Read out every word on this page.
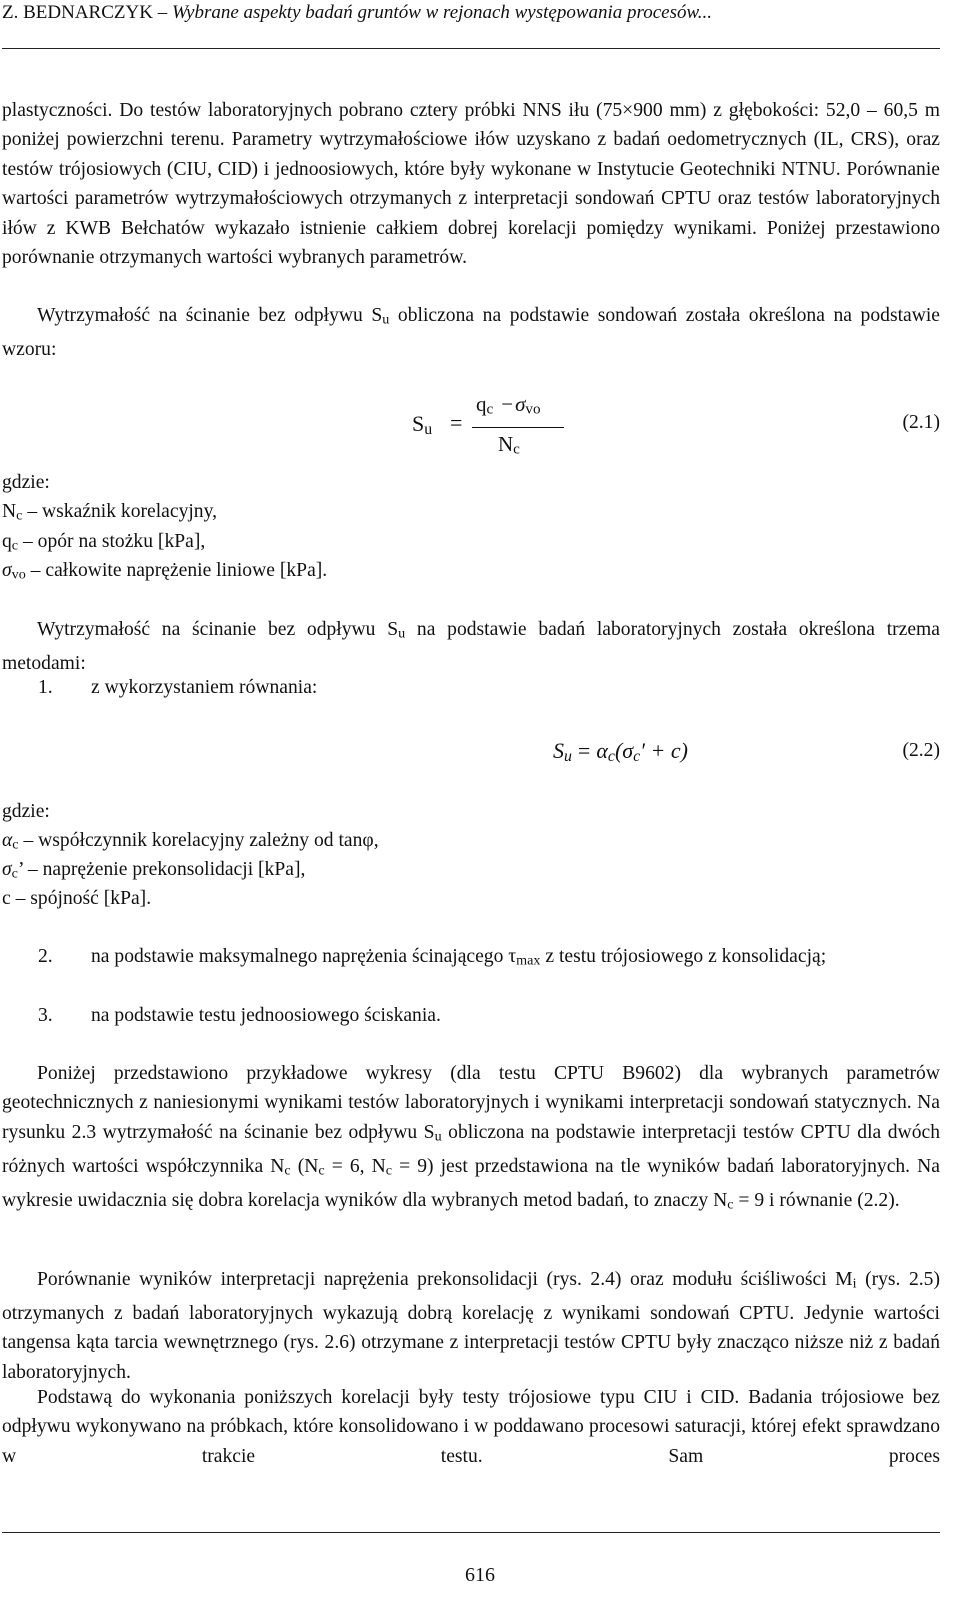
Z. BEDNARCZYK – Wybrane aspekty badań gruntów w rejonach występowania procesów...

plastyczności. Do testów laboratoryjnych pobrano cztery próbki NNS iłu (75×900 mm) z głębokości: 52,0 – 60,5 m poniżej powierzchni terenu. Parametry wytrzymałościowe iłów uzyskano z badań oedometrycznych (IL, CRS), oraz testów trójosiowych (CIU, CID) i jednoosiowych, które były wykonane w Instytucie Geotechniki NTNU. Porównanie wartości parametrów wytrzymałościowych otrzymanych z interpretacji sondowań CPTU oraz testów laboratoryjnych iłów z KWB Bełchatów wykazało istnienie całkiem dobrej korelacji pomiędzy wynikami. Poniżej przestawiono porównanie otrzymanych wartości wybranych parametrów.

Wytrzymałość na ścinanie bez odpływu Su obliczona na podstawie sondowań została określona na podstawie wzoru:

Su =
qc −σvo
Nc
(2.1)

gdzie:

Nc – wskaźnik korelacyjny,

qc – opór na stożku [kPa],

σvo – całkowite naprężenie liniowe [kPa].

Wytrzymałość na ścinanie bez odpływu Su na podstawie badań laboratoryjnych została określona trzema metodami:

1. z wykorzystaniem równania:
Su = αc(σc′ + c)	(2.2)

gdzie:

αc – współczynnik korelacyjny zależny od tanφ,

σc’ – naprężenie prekonsolidacji [kPa],

c – spójność [kPa].

2. na podstawie maksymalnego naprężenia ścinającego τmax z testu trójosiowego z konsolidacją;
3. na podstawie testu jednoosiowego ściskania.

Poniżej przedstawiono przykładowe wykresy (dla testu CPTU B9602) dla wybranych parametrów geotechnicznych z naniesionymi wynikami testów laboratoryjnych i wynikami interpretacji sondowań statycznych. Na rysunku 2.3 wytrzymałość na ścinanie bez odpływu Su obliczona na podstawie interpretacji testów CPTU dla dwóch różnych wartości współczynnika Nc (Nc = 6, Nc = 9) jest przedstawiona na tle wyników badań laboratoryjnych. Na wykresie uwidacznia się dobra korelacja wyników dla wybranych metod badań, to znaczy Nc = 9 i równanie (2.2).

Porównanie wyników interpretacji naprężenia prekonsolidacji (rys. 2.4) oraz modułu ściśliwości Mi (rys. 2.5) otrzymanych z badań laboratoryjnych wykazują dobrą korelację z wynikami sondowań CPTU. Jedynie wartości tangensa kąta tarcia wewnętrznego (rys. 2.6) otrzymane z interpretacji testów CPTU były znacząco niższe niż z badań laboratoryjnych.

Podstawą do wykonania poniższych korelacji były testy trójosiowe typu CIU i CID. Badania trójosiowe bez odpływu wykonywano na próbkach, które konsolidowano i w poddawano procesowi saturacji, której efekt sprawdzano w trakcie testu. Sam proces

616
